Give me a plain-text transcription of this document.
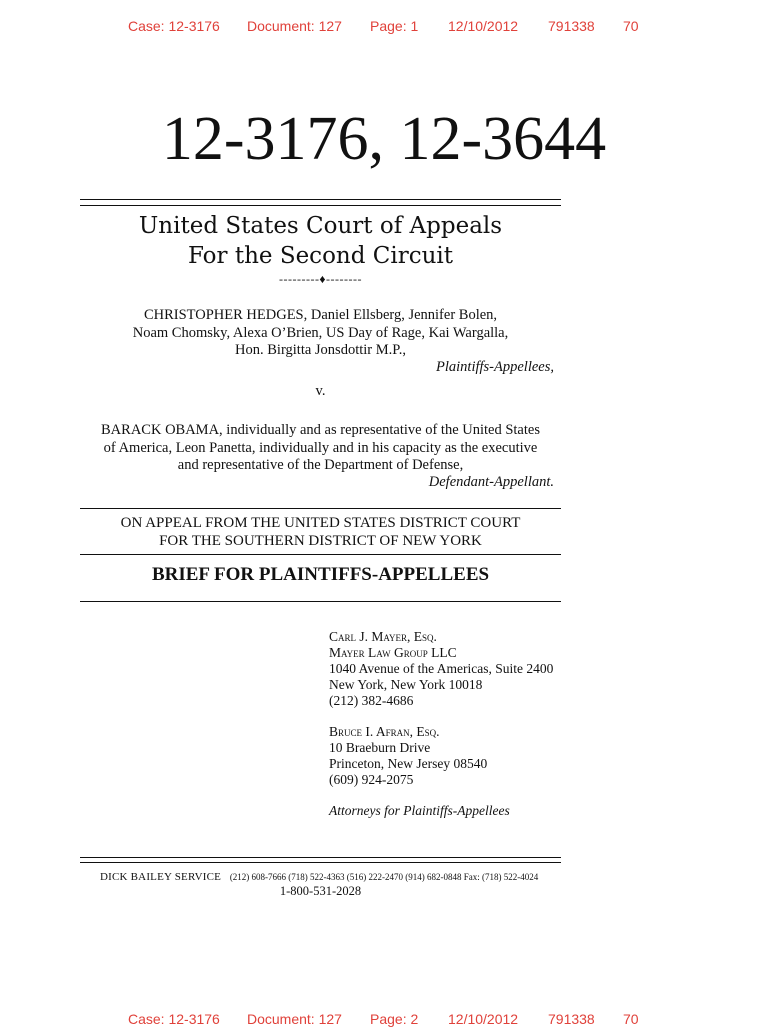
Case: 12-3176 Document: 127 Page: 1 12/10/2012 791338 70
12-3176, 12-3644
United States Court of Appeals
For the Second Circuit
---------♦--------
CHRISTOPHER HEDGES, Daniel Ellsberg, Jennifer Bolen,
Noam Chomsky, Alexa O’Brien, US Day of Rage, Kai Wargalla,
Hon. Birgitta Jonsdottir M.P.,
Plaintiffs-Appellees,
v.
BARACK OBAMA, individually and as representative of the United States
of America, Leon Panetta, individually and in his capacity as the executive
and representative of the Department of Defense,
Defendant-Appellant.
ON APPEAL FROM THE UNITED STATES DISTRICT COURT
FOR THE SOUTHERN DISTRICT OF NEW YORK
BRIEF FOR PLAINTIFFS-APPELLEES
Carl J. Mayer, Esq.
Mayer Law Group LLC
1040 Avenue of the Americas, Suite 2400
New York, New York 10018
(212) 382-4686
Bruce I. Afran, Esq.
10 Braeburn Drive
Princeton, New Jersey 08540
(609) 924-2075
Attorneys for Plaintiffs-Appellees
DICK BAILEY SERVICE (212) 608-7666 (718) 522-4363 (516) 222-2470 (914) 682-0848 Fax: (718) 522-4024
1-800-531-2028
Case: 12-3176 Document: 127 Page: 2 12/10/2012 791338 70
